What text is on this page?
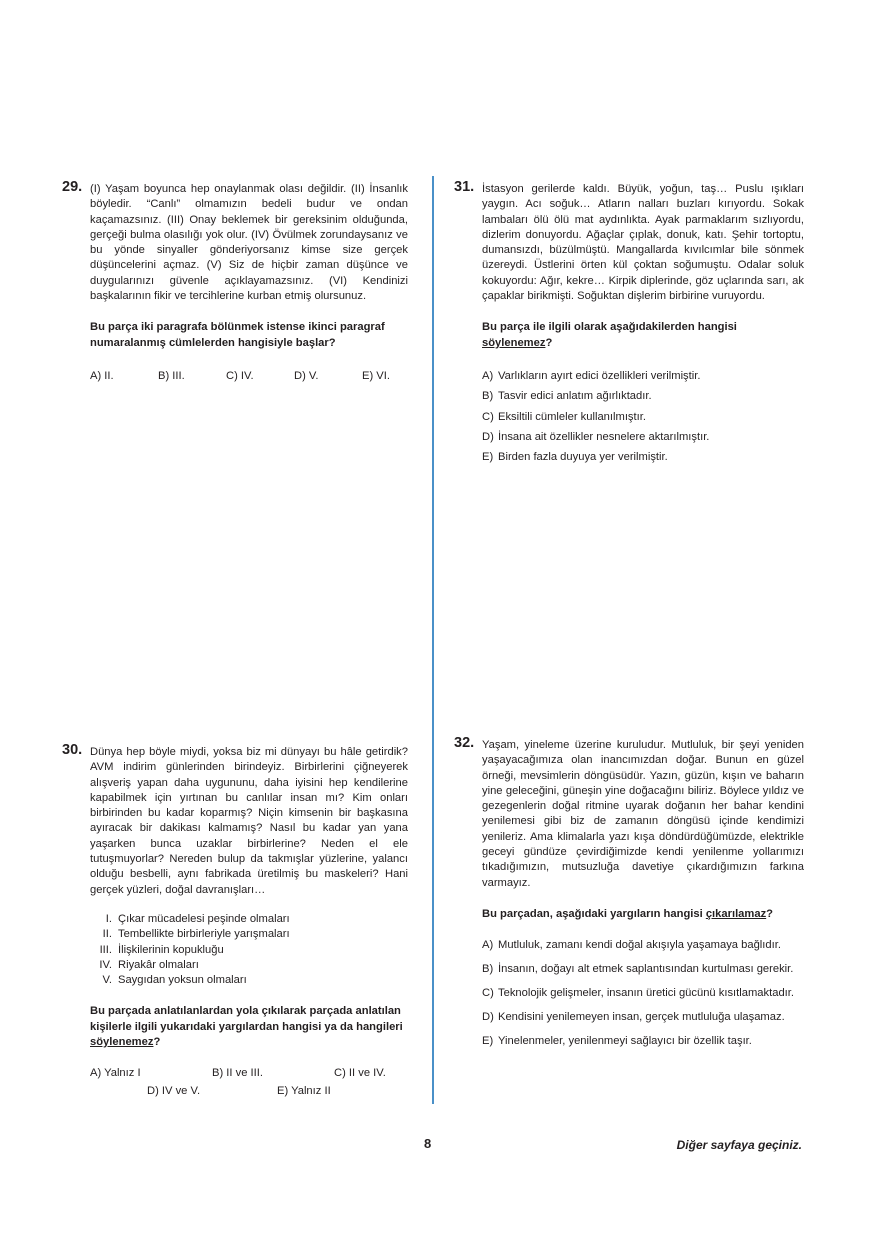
29. (I) Yaşam boyunca hep onaylanmak olası değildir. (II) İnsanlık böyledir. “Canlı” olmamızın bedeli budur ve ondan kaçamazsınız. (III) Onay beklemek bir gereksinim olduğunda, gerçeği bulma olasılığı yok olur. (IV) Övülmek zorundaysanız ve bu yönde sinyaller gönderiyorsanız kimse size gerçek düşüncelerini açmaz. (V) Siz de hiçbir zaman düşünce ve duygularınızı güvenle açıklayamazsınız. (VI) Kendinizi başkalarının fikir ve tercihlerine kurban etmiş olursunuz.
Bu parça iki paragrafa bölünmek istense ikinci paragraf numaralanmış cümlelerden hangisiyle başlar?
A) II.	B) III.	C) IV.	D) V.	E) VI.
30. Dünya hep böyle miydi, yoksa biz mi dünyayı bu hâle getirdik? AVM indirim günlerinden birindeyiz. Birbirlerini çiğneyerek alışveriş yapan daha uygununu, daha iyisini hep kendilerine kapabilmek için yırtınan bu canlılar insan mı? Kim onları birbirinden bu kadar koparmış? Niçin kimsenin bir başkasına ayıracak bir dakikası kalmamış? Nasıl bu kadar yan yana yaşarken bunca uzaklar birbirlerine? Neden el ele tutuşmuyorlar? Nereden bulup da takmışlar yüzlerine, yalancı olduğu besbelli, aynı fabrikada üretilmiş bu maskeleri? Hani gerçek yüzleri, doğal davranışları…
I. Çıkar mücadelesi peşinde olmaları
II. Tembellikte birbirleriyle yarışmaları
III. İlişkilerinin kopukluğu
IV. Riyakâr olmaları
V. Saygıdan yoksun olmaları
Bu parçada anlatılanlardan yola çıkılarak parçada anlatılan kişilerle ilgili yukarıdaki yargılardan hangisi ya da hangileri söylenemez?
A) Yalnız I	B) II ve III.	C) II ve IV.
D) IV ve V.	E) Yalnız II
31. İstasyon gerilerde kaldı. Büyük, yoğun, taş… Puslu ışıkları yaygın. Acı soğuk… Atların nalları buzları kırıyordu. Sokak lambaları ölü ölü mat aydınlıkta. Ayak parmaklarım sızlıyordu, dizlerim donuyordu. Ağaçlar çıplak, donuk, katı. Şehir tortoptu, dumansızdı, büzülmüştü. Mangallarda kıvılcımlar bile sönmek üzereydi. Üstlerini örten kül çoktan soğumuştu. Odalar soluk kokuyordu: Ağır, kekre… Kirpik diplerinde, göz uçlarında sarı, ak çapaklar birikmişti. Soğuktan dişlerim birbirine vuruyordu.
Bu parça ile ilgili olarak aşağıdakilerden hangisi söylenemez?
A) Varlıkların ayırt edici özellikleri verilmiştir.
B) Tasvir edici anlatım ağırlıktadır.
C) Eksiltili cümleler kullanılmıştır.
D) İnsana ait özellikler nesnelere aktarılmıştır.
E) Birden fazla duyuya yer verilmiştir.
32. Yaşam, yineleme üzerine kuruludur. Mutluluk, bir şeyi yeniden yaşayacağımıza olan inancımızdan doğar. Bunun en güzel örneği, mevsimlerin döngüsüdür. Yazın, güzün, kışın ve baharın yine geleceğini, güneşin yine doğacağını biliriz. Böylece yıldız ve gezegenlerin doğal ritmine uyarak doğanın her bahar kendini yenilemesi gibi biz de zamanın döngüsü içinde kendimizi yenileriz. Ama klimalarla yazı kışa döndürdüğümüzde, elektrikle geceyi gündüze çevirdiğimizde kendi yenilenme yollarımızı tıkadığımızın, mutsuzluğa davetiye çıkardığımızın farkına varmayız.
Bu parçadan, aşağıdaki yargıların hangisi çıkarılamaz?
A) Mutluluk, zamanı kendi doğal akışıyla yaşamaya bağlıdır.
B) İnsanın, doğayı alt etmek saplantısından kurtulması gerekir.
C) Teknolojik gelişmeler, insanın üretici gücünü kısıtlamaktadır.
D) Kendisini yenilemeyen insan, gerçek mutluluğa ulaşamaz.
E) Yinelenmeler, yenilenmeyi sağlayıcı bir özellik taşır.
8	Diğer sayfaya geçiniz.
